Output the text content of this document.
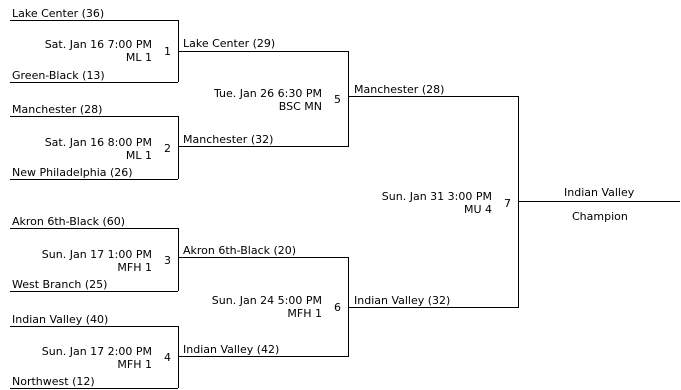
Lake Center (36)
Green-Black (13)
Sat. Jan 16 7:00 PM
ML 1 1
Manchester (28)
New Philadelphia (26)
Sat. Jan 16 8:00 PM
ML 1
2
Akron 6th-Black (60)
West Branch (25)
Sun. Jan 17 1:00 PM
MFH 1
3
Indian Valley (40)
Northwest (12)
Sun. Jan 17 2:00 PM
MFH 1
4
Lake Center (29)
Manchester (32)
Tue. Jan 26 6:30 PM
BSC MN
5
Akron 6th-Black (20)
Indian Valley (42)
Sun. Jan 24 5:00 PM
MFH 1 6
Manchester (28)
Indian Valley (32)
Sun. Jan 31 3:00 PM
MU 4 7
Indian Valley
Champion
